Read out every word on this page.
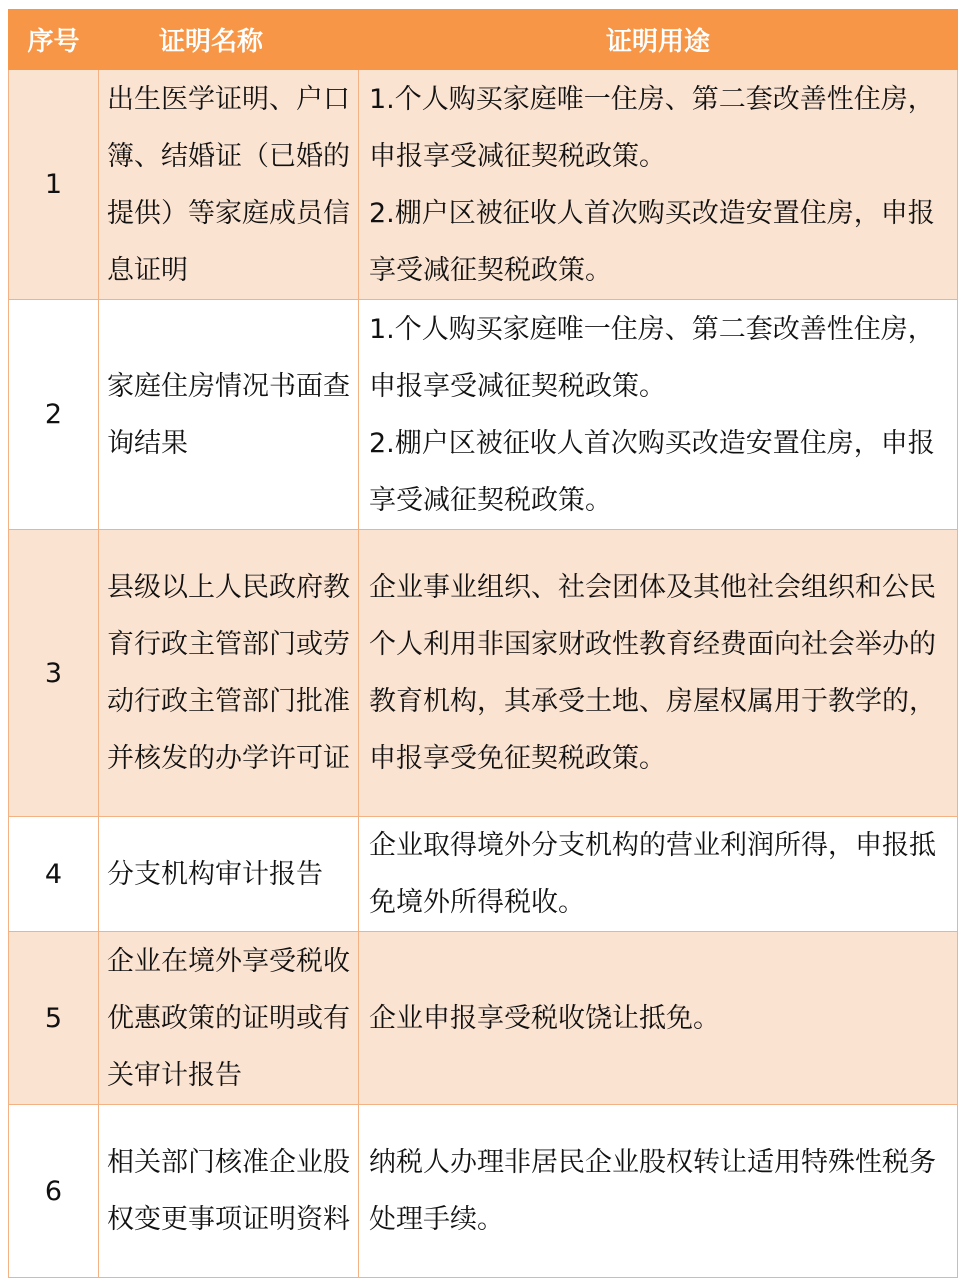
序号	证明名称	证明用途
1	出生医学证明、户口簿、结婚证（已婚的提供）等家庭成员信息证明	1.个人购买家庭唯一住房、第二套改善性住房，申报享受减征契税政策。
2.棚户区被征收人首次购买改造安置住房，申报享受减征契税政策。

2	家庭住房情况书面查询结果	1.个人购买家庭唯一住房、第二套改善性住房，申报享受减征契税政策。
2.棚户区被征收人首次购买改造安置住房，申报享受减征契税政策。

3	县级以上人民政府教育行政主管部门或劳动行政主管部门批准并核发的办学许可证	企业事业组织、社会团体及其他社会组织和公民个人利用非国家财政性教育经费面向社会举办的教育机构，其承受土地、房屋权属用于教学的，申报享受免征契税政策。

4	分支机构审计报告	企业取得境外分支机构的营业利润所得，申报抵免境外所得税收。

5	企业在境外享受税收优惠政策的证明或有关审计报告	企业申报享受税收饶让抵免。

6	相关部门核准企业股权变更事项证明资料	纳税人办理非居民企业股权转让适用特殊性税务处理手续。
